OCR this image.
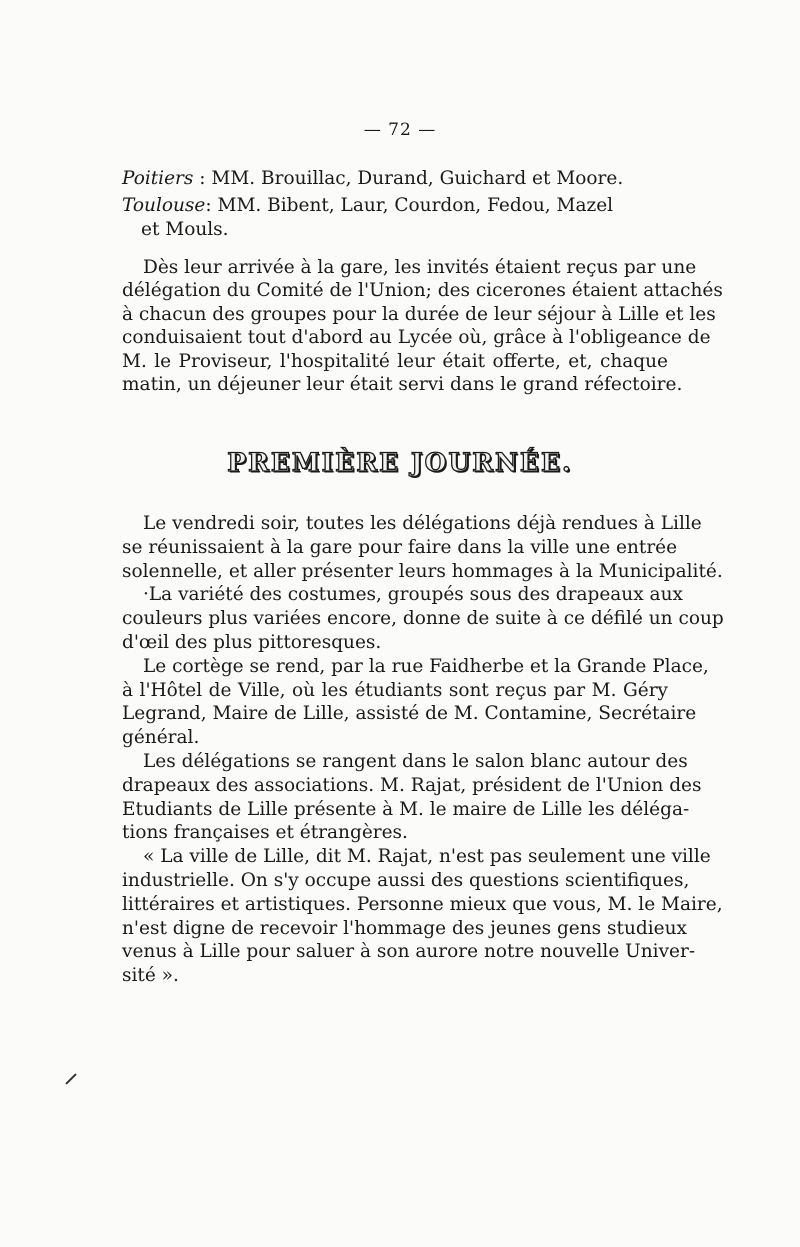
— 72 —
Poitiers : MM. Brouillac, Durand, Guichard et Moore.
Toulouse: MM. Bibent, Laur, Courdon, Fedou, Mazel
et Mouls.
Dès leur arrivée à la gare, les invités étaient reçus par une
délégation du Comité de l'Union; des cicerones étaient attachés
à chacun des groupes pour la durée de leur séjour à Lille et les
conduisaient tout d'abord au Lycée où, grâce à l'obligeance de
M. le Proviseur, l'hospitalité leur était offerte, et, chaque
matin, un déjeuner leur était servi dans le grand réfectoire.
PREMIÈRE JOURNÉE.
Le vendredi soir, toutes les délégations déjà rendues à Lille
se réunissaient à la gare pour faire dans la ville une entrée
solennelle, et aller présenter leurs hommages à la Municipalité.
·La variété des costumes, groupés sous des drapeaux aux
couleurs plus variées encore, donne de suite à ce défilé un coup
d'œil des plus pittoresques.
Le cortège se rend, par la rue Faidherbe et la Grande Place,
à l'Hôtel de Ville, où les étudiants sont reçus par M. Géry
Legrand, Maire de Lille, assisté de M. Contamine, Secrétaire
général.
Les délégations se rangent dans le salon blanc autour des
drapeaux des associations. M. Rajat, président de l'Union des
Etudiants de Lille présente à M. le maire de Lille les déléga-
tions françaises et étrangères.
« La ville de Lille, dit M. Rajat, n'est pas seulement une ville
industrielle. On s'y occupe aussi des questions scientifiques,
littéraires et artistiques. Personne mieux que vous, M. le Maire,
n'est digne de recevoir l'hommage des jeunes gens studieux
venus à Lille pour saluer à son aurore notre nouvelle Univer-
sité ».
